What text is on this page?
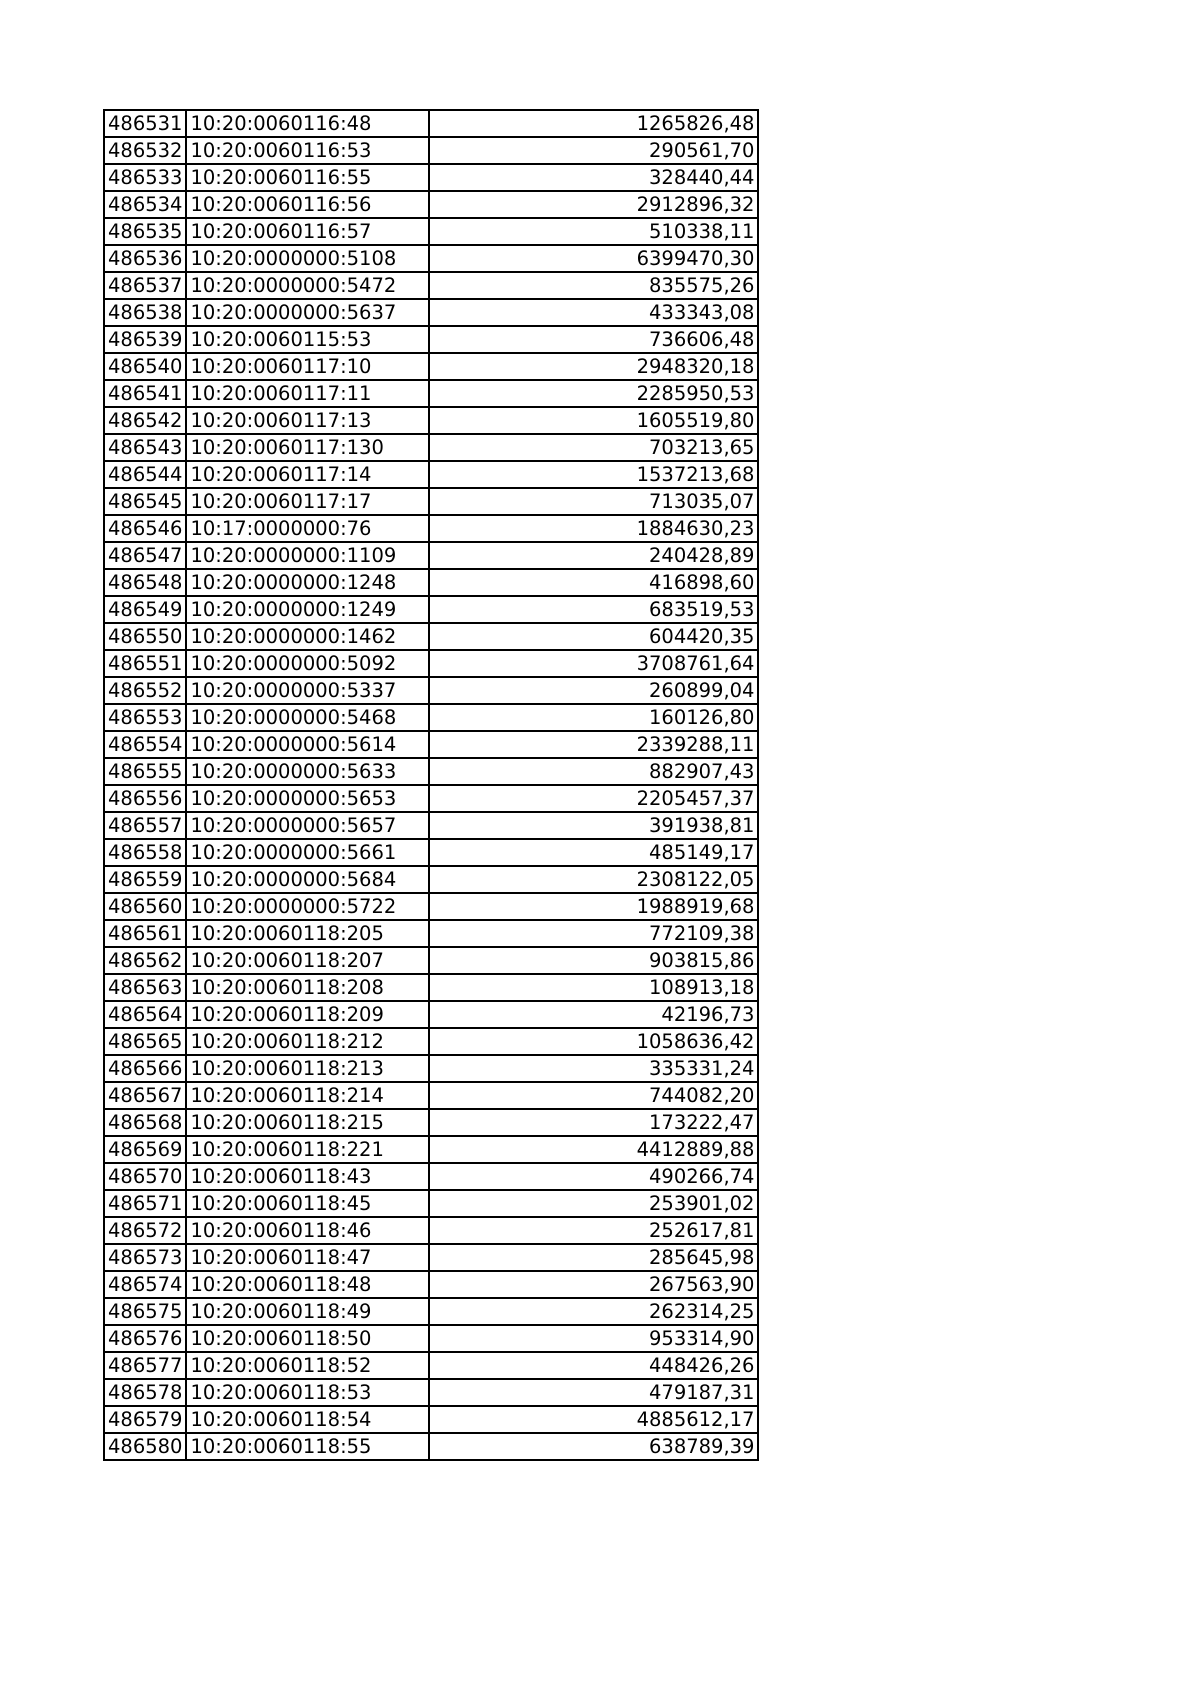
486531	10:20:0060116:48	1265826,48
486532	10:20:0060116:53	290561,70
486533	10:20:0060116:55	328440,44
486534	10:20:0060116:56	2912896,32
486535	10:20:0060116:57	510338,11
486536	10:20:0000000:5108	6399470,30
486537	10:20:0000000:5472	835575,26
486538	10:20:0000000:5637	433343,08
486539	10:20:0060115:53	736606,48
486540	10:20:0060117:10	2948320,18
486541	10:20:0060117:11	2285950,53
486542	10:20:0060117:13	1605519,80
486543	10:20:0060117:130	703213,65
486544	10:20:0060117:14	1537213,68
486545	10:20:0060117:17	713035,07
486546	10:17:0000000:76	1884630,23
486547	10:20:0000000:1109	240428,89
486548	10:20:0000000:1248	416898,60
486549	10:20:0000000:1249	683519,53
486550	10:20:0000000:1462	604420,35
486551	10:20:0000000:5092	3708761,64
486552	10:20:0000000:5337	260899,04
486553	10:20:0000000:5468	160126,80
486554	10:20:0000000:5614	2339288,11
486555	10:20:0000000:5633	882907,43
486556	10:20:0000000:5653	2205457,37
486557	10:20:0000000:5657	391938,81
486558	10:20:0000000:5661	485149,17
486559	10:20:0000000:5684	2308122,05
486560	10:20:0000000:5722	1988919,68
486561	10:20:0060118:205	772109,38
486562	10:20:0060118:207	903815,86
486563	10:20:0060118:208	108913,18
486564	10:20:0060118:209	42196,73
486565	10:20:0060118:212	1058636,42
486566	10:20:0060118:213	335331,24
486567	10:20:0060118:214	744082,20
486568	10:20:0060118:215	173222,47
486569	10:20:0060118:221	4412889,88
486570	10:20:0060118:43	490266,74
486571	10:20:0060118:45	253901,02
486572	10:20:0060118:46	252617,81
486573	10:20:0060118:47	285645,98
486574	10:20:0060118:48	267563,90
486575	10:20:0060118:49	262314,25
486576	10:20:0060118:50	953314,90
486577	10:20:0060118:52	448426,26
486578	10:20:0060118:53	479187,31
486579	10:20:0060118:54	4885612,17
486580	10:20:0060118:55	638789,39
